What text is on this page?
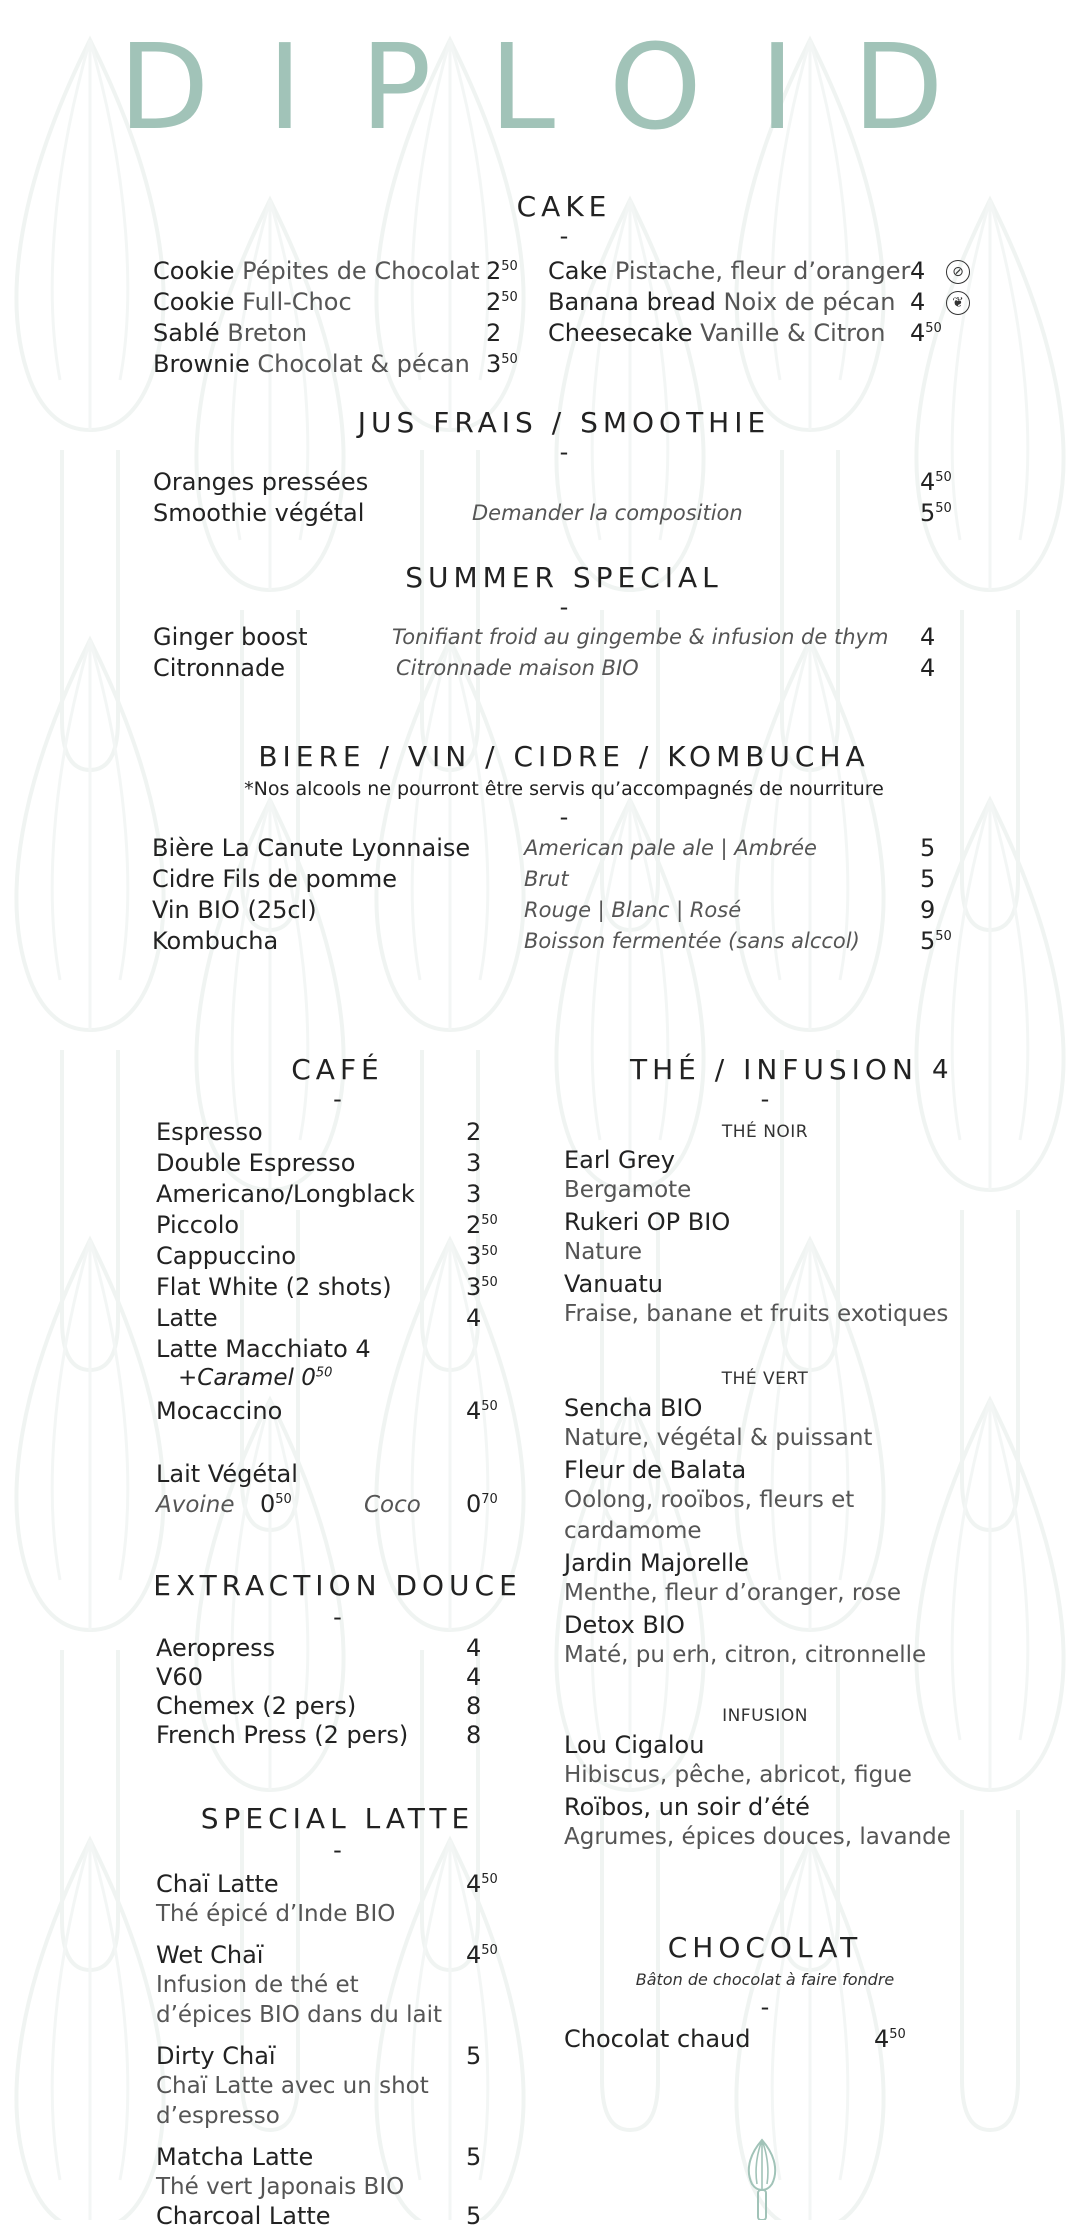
DIPLOID
CAKE
-
JUS FRAIS / SMOOTHIE
-
SUMMER SPECIAL
-
BIERE / VIN / CIDRE / KOMBUCHA
*Nos alcools ne pourront être servis qu’accompagnés de nourriture
-
CAFÉ
-
Latte Macchiato 4
+Caramel $0^{50}$
Mocaccino	$4^{50}$
Lait Végétal
Avoine $0^{50}$	Coco $0^{70}$
EXTRACTION DOUCE
-
SPECIAL LATTE
-
Charcoal Latte	5
THÉ / INFUSION 4
-
THÉ NOIR
THÉ VERT
INFUSION
CHOCOLAT
Bâton de chocolat à faire fondre
-
Chocolat chaud	$4^{50}$
Cookie Pépites de Chocolat $2^{50}$
Cookie Full-Choc	$2^{50}$
Sablé Breton	2
Brownie Chocolat & pécan $3^{50}$
Cake Pistache, fleur d’oranger 4	⊘
Banana bread Noix de pécan 4	❦
Cheesecake Vanille & Citron $4^{50}$
Oranges pressées	$4^{50}$
Smoothie végétal	Demander la composition	$5^{50}$
Ginger boost	Tonifiant froid au gingembe & infusion de thym 4
Citronnade	Citronnade maison BIO	4
Bière La Canute Lyonnaise	American pale ale | Ambrée	5
Cidre Fils de pomme	Brut	5
Vin BIO (25cl)	Rouge | Blanc | Rosé	9
Kombucha	Boisson fermentée (sans alccol)	$5^{50}$
Espresso	2
Double Espresso	3
Americano/Longblack 3
Piccolo	$2^{50}$
Cappuccino	$3^{50}$
Flat White (2 shots)	$3^{50}$
Latte	4
Aeropress	4
V60	4
Chemex (2 pers)	8
French Press (2 pers) 8
Chaï Latte	$4^{50}$
Thé épicé d’Inde BIO
Wet Chaï	$4^{50}$
Infusion de thé et
d’épices BIO dans du lait
Dirty Chaï	5
Chaï Latte avec un shot
d’espresso
Matcha Latte	5
Thé vert Japonais BIO
Earl Grey
Bergamote
Rukeri OP BIO
Nature
Vanuatu
Fraise, banane et fruits exotiques
Sencha BIO
Nature, végétal & puissant
Fleur de Balata
Oolong, rooïbos, fleurs et
cardamome
Jardin Majorelle
Menthe, fleur d’oranger, rose
Detox BIO
Maté, pu erh, citron, citronnelle
Lou Cigalou
Hibiscus, pêche, abricot, figue
Roïbos, un soir d’été
Agrumes, épices douces, lavande
